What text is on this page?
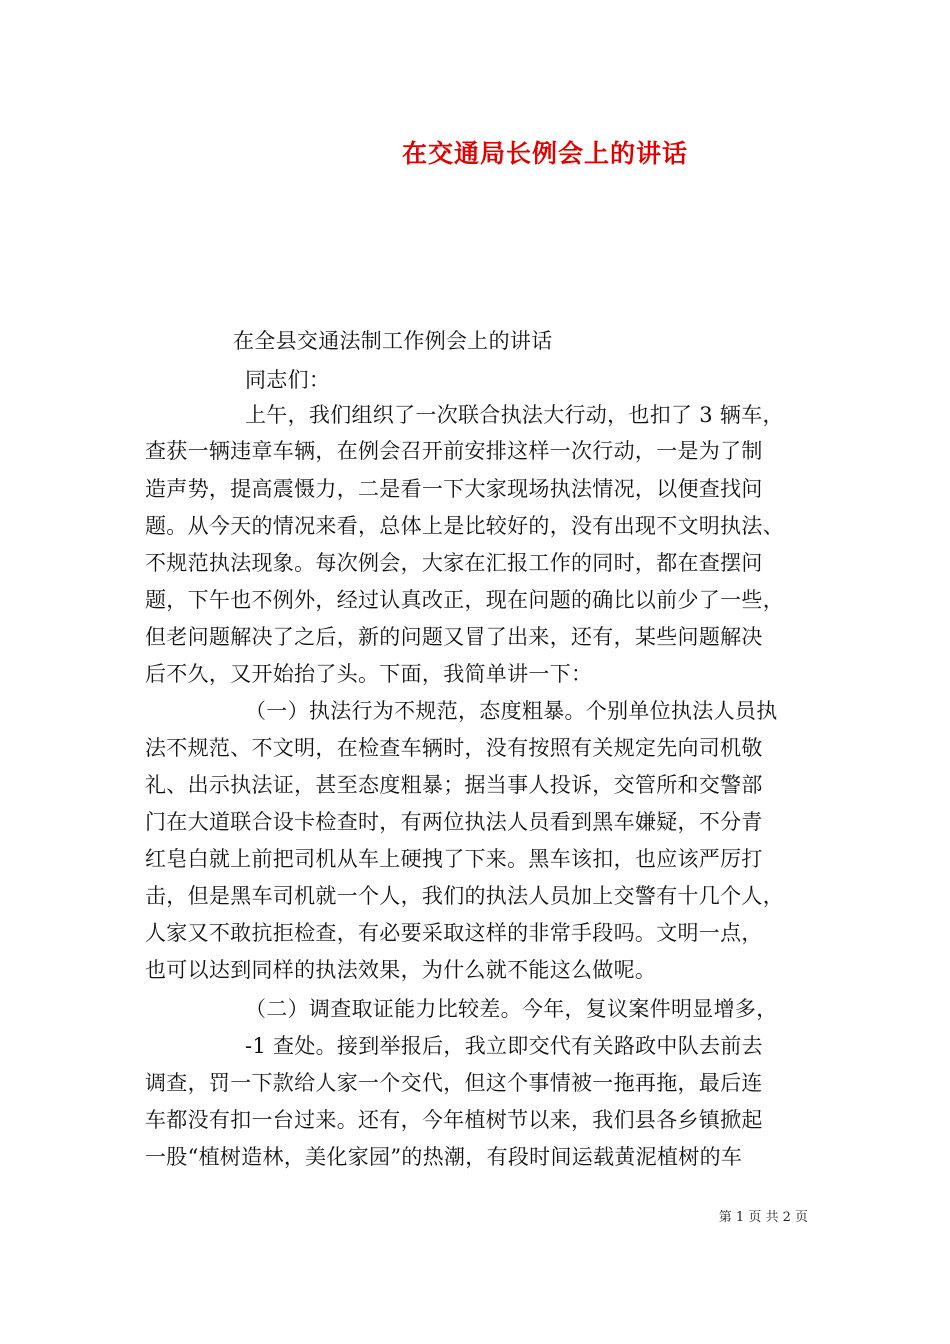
在交通局长例会上的讲话
在全县交通法制工作例会上的讲话
同志们：
上午，我们组织了一次联合执法大行动，也扣了 3 辆车，
查获一辆违章车辆，在例会召开前安排这样一次行动，一是为了制
造声势，提高震慑力，二是看一下大家现场执法情况，以便查找问
题。从今天的情况来看，总体上是比较好的，没有出现不文明执法、
不规范执法现象。每次例会，大家在汇报工作的同时，都在查摆问
题，下午也不例外，经过认真改正，现在问题的确比以前少了一些，
但老问题解决了之后，新的问题又冒了出来，还有，某些问题解决
后不久，又开始抬了头。下面，我简单讲一下：
（一）执法行为不规范，态度粗暴。个别单位执法人员执
法不规范、不文明，在检查车辆时，没有按照有关规定先向司机敬
礼、出示执法证，甚至态度粗暴；据当事人投诉，交管所和交警部
门在大道联合设卡检查时，有两位执法人员看到黑车嫌疑，不分青
红皂白就上前把司机从车上硬拽了下来。黑车该扣，也应该严厉打
击，但是黑车司机就一个人，我们的执法人员加上交警有十几个人，
人家又不敢抗拒检查，有必要采取这样的非常手段吗。文明一点，
也可以达到同样的执法效果，为什么就不能这么做呢。
（二）调查取证能力比较差。今年，复议案件明显增多，
-1 查处。接到举报后，我立即交代有关路政中队去前去
调查，罚一下款给人家一个交代，但这个事情被一拖再拖，最后连
车都没有扣一台过来。还有，今年植树节以来，我们县各乡镇掀起
一股“植树造林，美化家园”的热潮，有段时间运载黄泥植树的车
第 1 页 共 2 页
